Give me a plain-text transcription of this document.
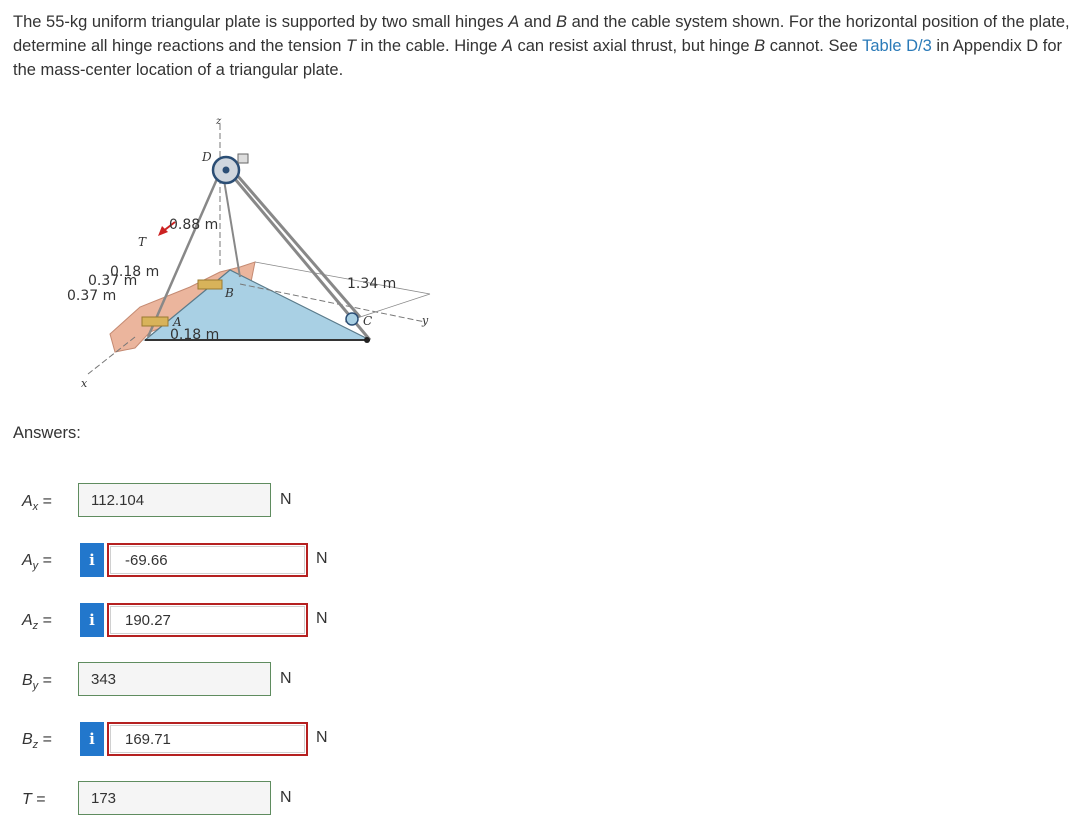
The 55-kg uniform triangular plate is supported by two small hinges A and B and the cable system shown. For the horizontal position of the plate, determine all hinge reactions and the tension T in the cable. Hinge A can resist axial thrust, but hinge B cannot. See Table D/3 in Appendix D for the mass-center location of a triangular plate.
0.18 m
0.37 m
0.37 m
0.18 m
0.88 m
1.34 m
T
D
z
B
A	C
x
y
Answers:
$A_x$ =	112.104	N
$A_y$ =	i	-69.66	N
$A_z$ =	i	190.27	N
$B_y$ =	343	N
$B_z$ =	i	169.71	N
T =	173	N
